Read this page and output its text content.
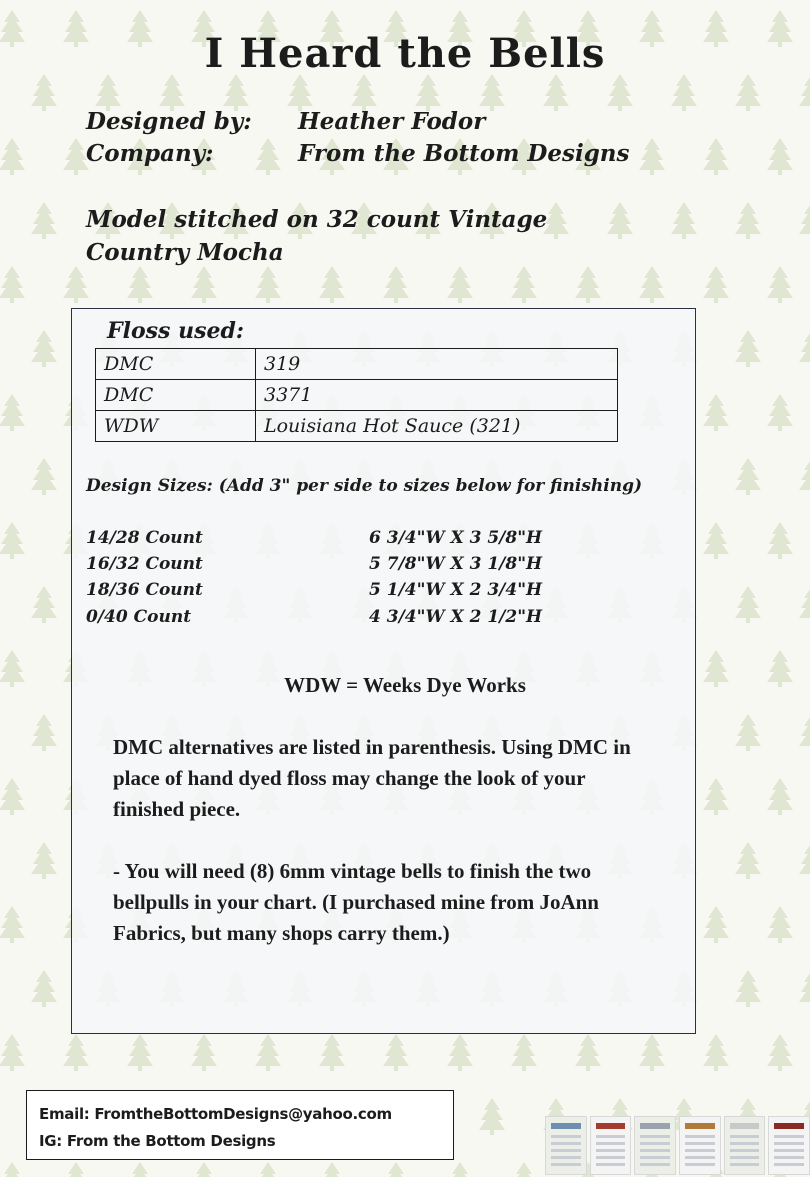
I Heard the Bells
Designed by: Heather Fodor
Company:	From the Bottom Designs
Model stitched on 32 count Vintage Country Mocha
Floss used:
DMC	319
DMC	3371
WDW	Louisiana Hot Sauce (321)
Design Sizes: (Add 3" per side to sizes below for finishing)
14/28 Count	6 3/4"W X 3 5/8"H
16/32 Count	5 7/8"W X 3 1/8"H
18/36 Count	5 1/4"W X 2 3/4"H
0/40 Count	4 3/4"W X 2 1/2"H
WDW = Weeks Dye Works
DMC alternatives are listed in parenthesis. Using DMC in place of hand dyed floss may change the look of your finished piece.
- You will need (8) 6mm vintage bells to finish the two bellpulls in your chart. (I purchased mine from JoAnn Fabrics, but many shops carry them.)
Email: FromtheBottomDesigns@yahoo.com
IG: From the Bottom Designs
